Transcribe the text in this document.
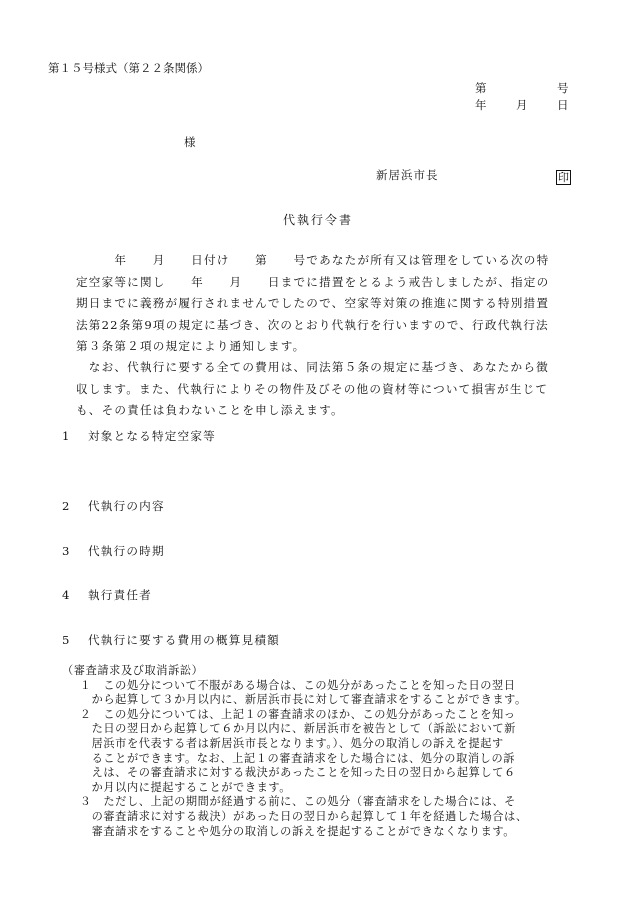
第１５号様式（第２２条関係）
第	号
年	月	日
様
新居浜市長	印
代執行令書
　　　年　　月　　日付け　　第　　号であなたが所有又は管理をしている次の特
定空家等に関し　　年　　月　　日までに措置をとるよう戒告しましたが、指定の
期日までに義務が履行されませんでしたので、空家等対策の推進に関する特別措置
法第22条第9項の規定に基づき、次のとおり代執行を行いますので、行政代執行法
第３条第２項の規定により通知します。
　なお、代執行に要する全ての費用は、同法第５条の規定に基づき、あなたから徴
収します。また、代執行によりその物件及びその他の資材等について損害が生じて
も、その責任は負わないことを申し添えます。
1 対象となる特定空家等
2 代執行の内容
3 代執行の時期
4 執行責任者
5 代執行に要する費用の概算見積額
（審査請求及び取消訴訟）
　１　この処分について不服がある場合は、この処分があったことを知った日の翌日
　　から起算して３か月以内に、新居浜市長に対して審査請求をすることができます。
　２　この処分については、上記１の審査請求のほか、この処分があったことを知っ
　　た日の翌日から起算して６か月以内に、新居浜市を被告として（訴訟において新
　　居浜市を代表する者は新居浜市長となります。）、処分の取消しの訴えを提起す
　　ることができます。なお、上記１の審査請求をした場合には、処分の取消しの訴
　　えは、その審査請求に対する裁決があったことを知った日の翌日から起算して６
　　か月以内に提起することができます。
　３　ただし、上記の期間が経過する前に、この処分（審査請求をした場合には、そ
　　の審査請求に対する裁決）があった日の翌日から起算して１年を経過した場合は、
　　審査請求をすることや処分の取消しの訴えを提起することができなくなります。
